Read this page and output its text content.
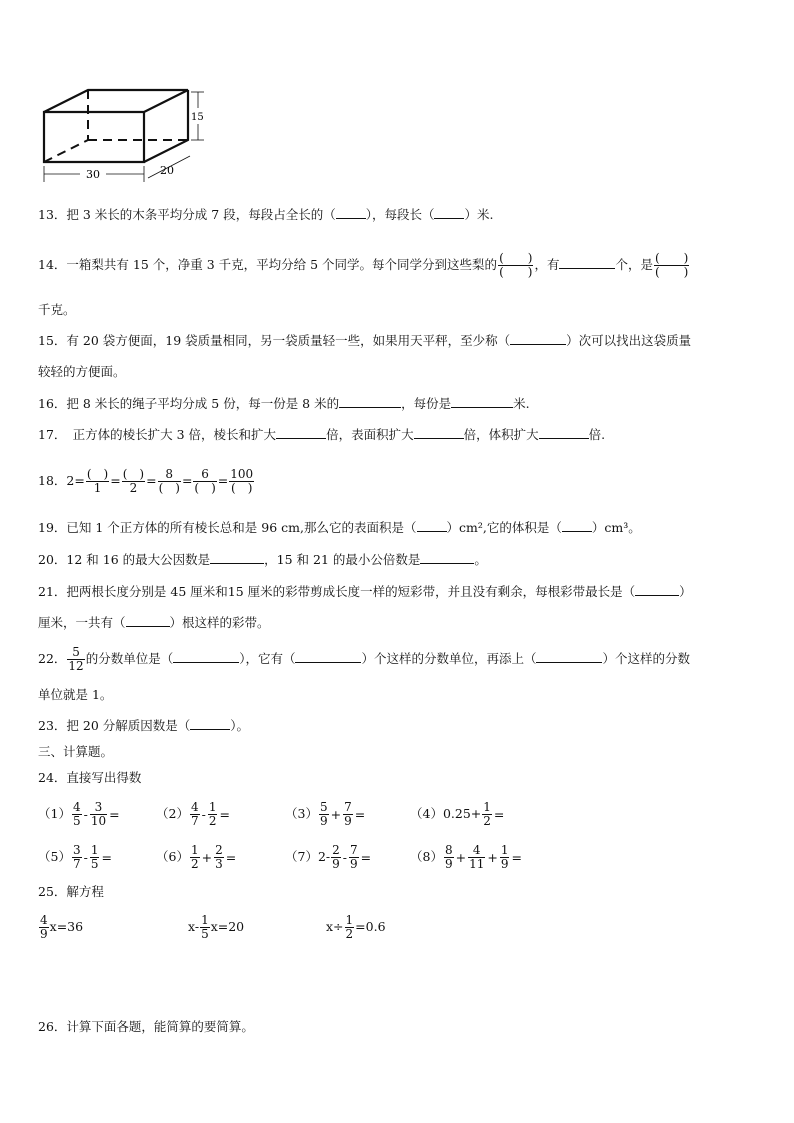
30	20
15
13．把 3 米长的木条平均分成 7 段，每段占全长的（ ），每段长（ ）米.
14．一箱梨共有 15 个，净重 3 千克，平均分给 5 个同学。每个同学分到这些梨的 $\frac{( )}{( )}$ ，有	个，是 $\frac{( )}{( )}$
千克。
15．有 20 袋方便面，19 袋质量相同，另一袋质量轻一些，如果用天平秤，至少称（	）次可以找出这袋质量
较轻的方便面。
16．把 8 米长的绳子平均分成 5 份，每一份是 8 米的	，每份是	米.
17．　正方体的棱长扩大 3 倍，棱长和扩大	倍，表面积扩大	倍，体积扩大	倍.
18．$2= \frac{( )}{1} = \frac{( )}{2} = \frac{8}{( )} = \frac{6}{( )} = \frac{100}{( )}$
19．已知 1 个正方体的所有棱长总和是 96 cm,那么它的表面积是（ ）cm²,它的体积是（ ）cm³。
20．12 和 16 的最大公因数是	，15 和 21 的最小公倍数是	。
21．把两根长度分别是 45 厘米和15 厘米的彩带剪成长度一样的短彩带，并且没有剩余，每根彩带最长是（	）
厘米，一共有（	）根这样的彩带。
22． $\frac{5}{12}$ 的分数单位是（	），它有（	）个这样的分数单位，再添上（	）个这样的分数
单位就是 1。
23．把 20 分解质因数是（	）。
三、计算题。
24．直接写出得数
$(1) \frac{4}{5} - \frac{3}{10}$ =	$(2) \frac{4}{7} - \frac{1}{2}$ =	$(3) \frac{5}{9} + \frac{7}{9}$ =	$(4)0.25+ \frac{1}{2}$ =
$(5) \frac{3}{7} - \frac{1}{5}$ =	$(6) \frac{1}{2} + \frac{2}{3}$ =	$(7)2- \frac{2}{9} - \frac{7}{9}$ =	$(8) \frac{8}{9} + \frac{4}{11} + \frac{1}{9}$ =
25．解方程
$\frac{4}{9} x=36$	$x- \frac{1}{5} x=20$	$x\div \frac{1}{2} =0.6$
26．计算下面各题，能简算的要简算。
